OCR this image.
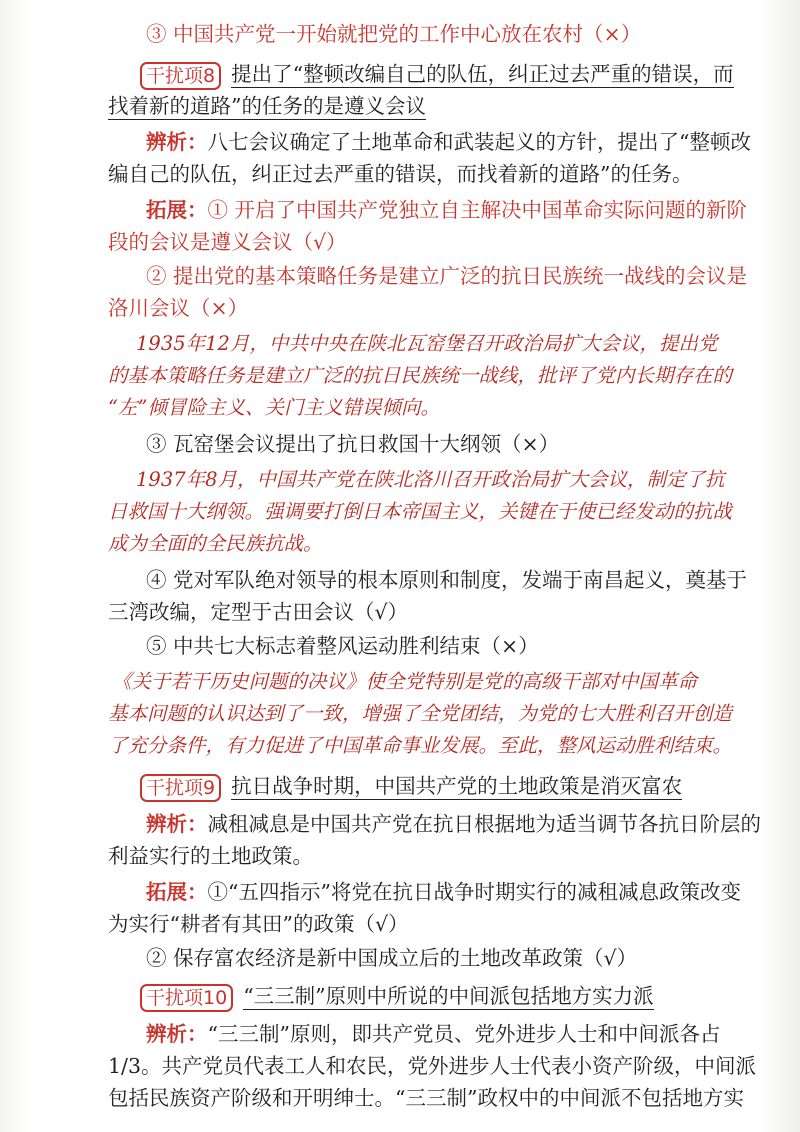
③ 中国共产党一开始就把党的工作中心放在农村（×）
干扰项8 提出了“整顿改编自己的队伍，纠正过去严重的错误，而
找着新的道路”的任务的是遵义会议
辨析：八七会议确定了土地革命和武装起义的方针，提出了“整顿改
编自己的队伍，纠正过去严重的错误，而找着新的道路”的任务。
拓展：① 开启了中国共产党独立自主解决中国革命实际问题的新阶
段的会议是遵义会议（√）
② 提出党的基本策略任务是建立广泛的抗日民族统一战线的会议是
洛川会议（×）
1935年12月，中共中央在陕北瓦窑堡召开政治局扩大会议，提出党
的基本策略任务是建立广泛的抗日民族统一战线，批评了党内长期存在的
“左”倾冒险主义、关门主义错误倾向。
③ 瓦窑堡会议提出了抗日救国十大纲领（×）
1937年8月，中国共产党在陕北洛川召开政治局扩大会议，制定了抗
日救国十大纲领。强调要打倒日本帝国主义，关键在于使已经发动的抗战
成为全面的全民族抗战。
④ 党对军队绝对领导的根本原则和制度，发端于南昌起义，奠基于
三湾改编，定型于古田会议（√）
⑤ 中共七大标志着整风运动胜利结束（×）
《关于若干历史问题的决议》使全党特别是党的高级干部对中国革命
基本问题的认识达到了一致，增强了全党团结，为党的七大胜利召开创造
了充分条件，有力促进了中国革命事业发展。至此，整风运动胜利结束。
干扰项9 抗日战争时期，中国共产党的土地政策是消灭富农
辨析：减租减息是中国共产党在抗日根据地为适当调节各抗日阶层的
利益实行的土地政策。
拓展：①“五四指示”将党在抗日战争时期实行的减租减息政策改变
为实行“耕者有其田”的政策（√）
② 保存富农经济是新中国成立后的土地改革政策（√）
干扰项10 “三三制”原则中所说的中间派包括地方实力派
辨析：“三三制”原则，即共产党员、党外进步人士和中间派各占
1/3。共产党员代表工人和农民，党外进步人士代表小资产阶级，中间派
包括民族资产阶级和开明绅士。“三三制”政权中的中间派不包括地方实
